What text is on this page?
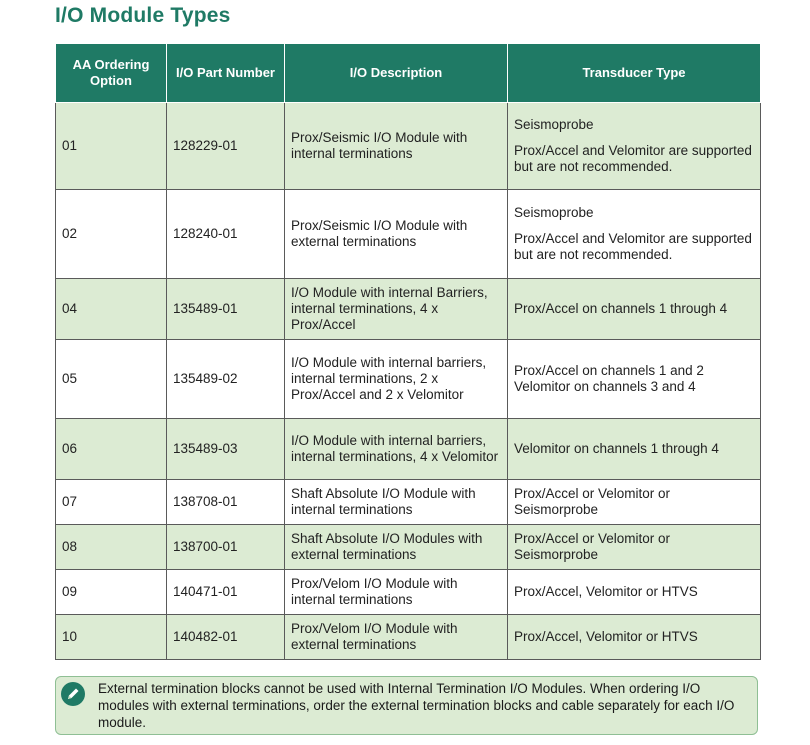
I/O Module Types
AA Ordering Option	I/O Part Number	I/O Description	Transducer Type
01	128229-01	Prox/Seismic I/O Module with internal terminations	Seismoprobe

Prox/Accel and Velomitor are supported but are not recommended.

02	128240-01	Prox/Seismic I/O Module with external terminations	Seismoprobe

Prox/Accel and Velomitor are supported but are not recommended.

04	135489-01	I/O Module with internal Barriers, internal terminations, 4 x Prox/Accel	Prox/Accel on channels 1 through 4

05	135489-02	I/O Module with internal barriers, internal terminations, 2 x Prox/Accel and 2 x Velomitor	Prox/Accel on channels 1 and 2 Velomitor on channels 3 and 4

06	135489-03	I/O Module with internal barriers, internal terminations, 4 x Velomitor	Velomitor on channels 1 through 4

07	138708-01	Shaft Absolute I/O Module with internal terminations	Prox/Accel or Velomitor or Seismorprobe

08	138700-01	Shaft Absolute I/O Modules with external terminations	Prox/Accel or Velomitor or Seismorprobe

09	140471-01	Prox/Velom I/O Module with internal terminations	Prox/Accel, Velomitor or HTVS

10	140482-01	Prox/Velom I/O Module with external terminations	Prox/Accel, Velomitor or HTVS

External termination blocks cannot be used with Internal Termination I/O Modules. When ordering I/O modules with external terminations, order the external termination blocks and cable separately for each I/O module.
